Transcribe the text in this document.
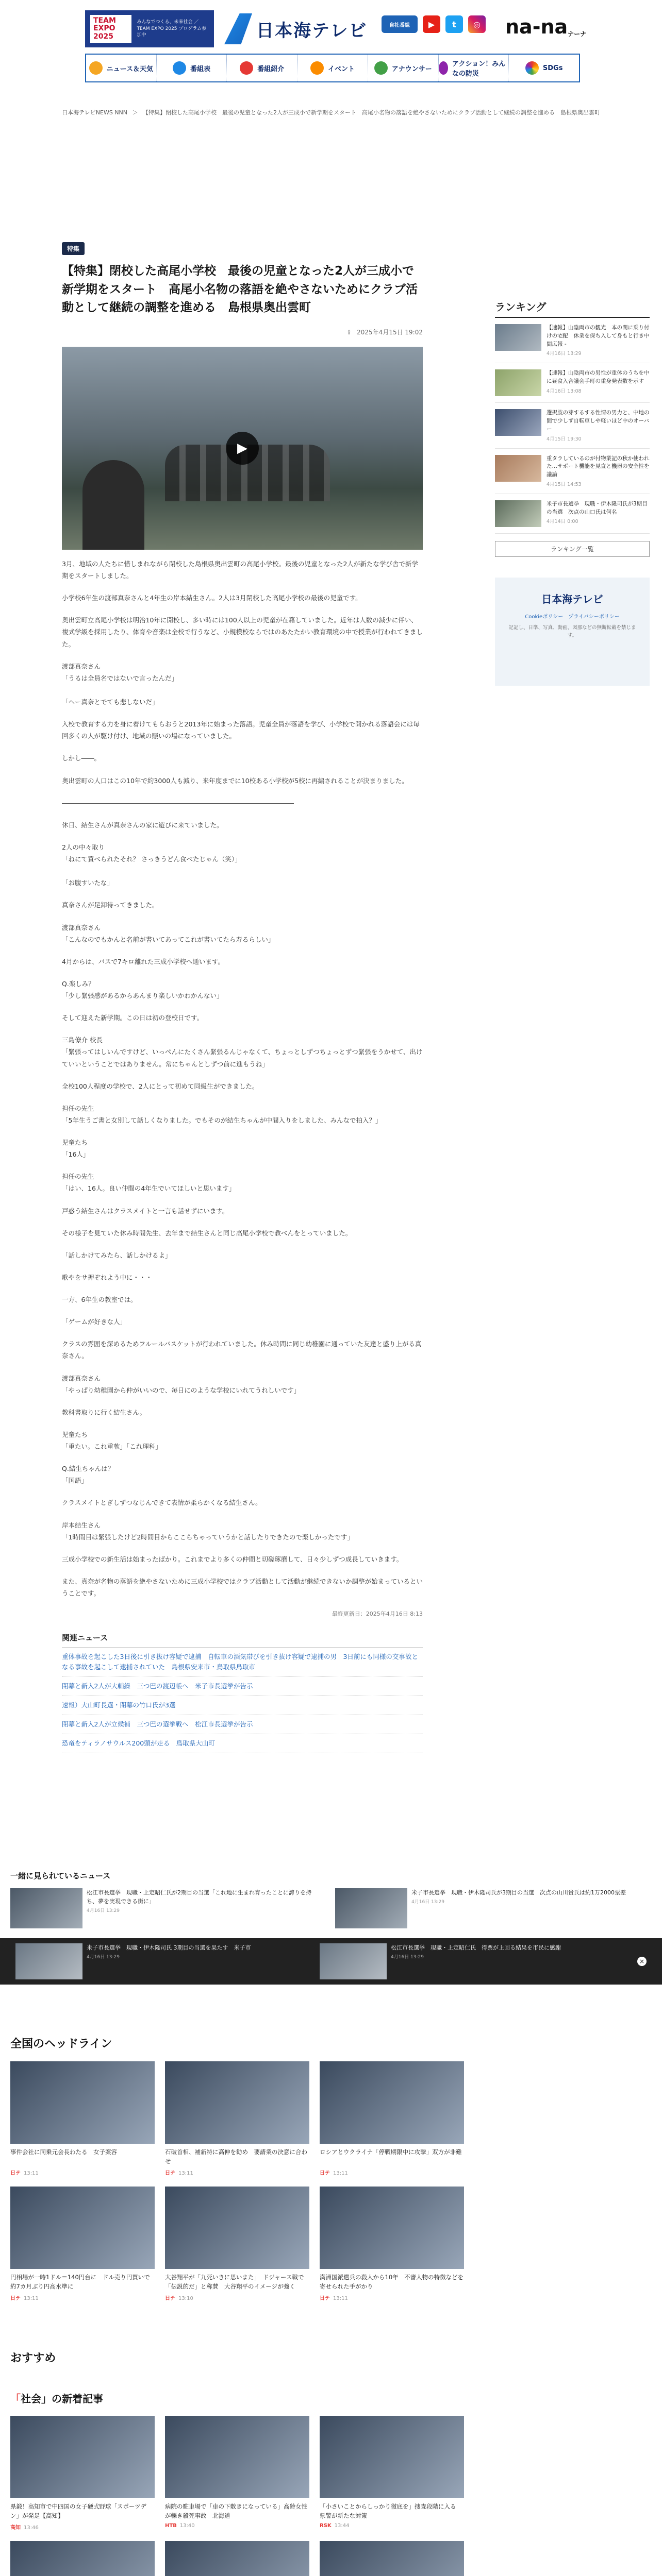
TEAM EXPO 2025
みんなでつくる、未来社会 ／ TEAM EXPO 2025 プログラム参加中	日本海テレビ	自社番組	▶	t	◎ na-naナーナ
ニュース＆天気	番組表	番組紹介	イベント	アナウンサー
アクション！みんなの防災
SDGs
日本海テレビNEWS NNN ＞ 【特集】閉校した高尾小学校　最後の児童となった2人が三成小で新学期をスタート　高尾小名物の落語を絶やさないためにクラブ活動として継続の調整を進める　島根県奥出雲町
特集
【特集】閉校した高尾小学校　最後の児童となった2人が三成小で新学期をスタート　高尾小名物の落語を絶やさないためにクラブ活動として継続の調整を進める　島根県奥出雲町
⇪ 2025年4月15日 19:02
▶

3月、地域の人たちに惜しまれながら閉校した島根県奥出雲町の高尾小学校。最後の児童となった2人が新たな学び舎で新学期をスタートしました。

小学校6年生の渡部真奈さんと4年生の岸本結生さん。2人は3月閉校した高尾小学校の最後の児童です。

奥出雲町立高尾小学校は明治10年に開校し、多い時には100人以上の児童が在籍していました。近年は人数の減少に伴い、複式学級を採用したり、体育や音楽は全校で行うなど、小規模校ならではのあたたかい教育環境の中で授業が行われてきました。

渡部真奈さん
「うるは全員名ではないで言ったんだ」

「ヘー真奈とでても悲しないだ」

入校で教育する力を身に着けてもらおうと2013年に始まった落語。児童全員が落語を学び、小学校で開かれる落語会には毎回多くの人が駆け付け、地域の賑いの場になっていました。

しかし――。

奥出雲町の人口はこの10年で約3000人も減り、来年度までに10校ある小学校が5校に再編されることが決まりました。

――――――――――――――――――――――――――――――――――――

休日、結生さんが真奈さんの家に遊びに来ていました。

2人の中々取り
「ねにて買べられたそれ？ さっきうどん食べたじゃん（笑）」

「お腹すいたな」

真奈さんが足卸待ってきました。

渡部真奈さん
「こんなのでもかんと名前が書いてあってこれが書いてたら寿るらしい」

4月からは、バスで7キロ離れた三成小学校へ通います。

Q.楽しみ？
「少し緊張感があるからあんまり楽しいかわかんない」

そして迎えた新学期。この日は初の登校日です。

三島僚介 校長
「緊張ってはしいんですけど、いっぺんにたくさん緊張るんじゃなくて、ちょっとしずつちょっとずつ緊張をうかせて、出けていいということではありません。常にちゃんとしずつ前に進もうね」

全校100人程度の学校で、2人にとって初めて同級生ができました。

担任の先生
「5年生うご書と女別して話しくなりました。でもそのが結生ちゃんが中間入りをしました、みんなで拍入？」

児童たち
「16人」

担任の先生
「はい、16人。良い仲間の4年生でいてほしいと思います」

戸惑う結生さんはクラスメイトと一言も話せずにいます。

その様子を見ていた休み時間先生、去年まで結生さんと同じ高尾小学校で教べんをとっていました。

「話しかけてみたら、話しかけるよ」

歌やをサ押ぞれよう中に・・・

一方、6年生の教室では。

「ゲームが好きな人」

クラスの雰囲を深めるためフルールバスケットが行われていました。休み時間に同じ幼稚園に通っていた友達と盛り上がる真奈さん。

渡部真奈さん
「やっぱり幼稚園から仲がいいので、毎日にのような学校にいれてうれしいです」

教科書取りに行く結生さん。

児童たち
「重たい。これ重軟」「これ理科」

Q.結生ちゃんは？
「国語」

クラスメイトとぎしずつなじんできて表情が柔らかくなる結生さん。

岸本結生さん
「1時間目は緊張したけど2時間目からここらちゃっていうかと話したりできたので楽しかったです」

三成小学校での新生活は始まったばかり。これまでより多くの仲間と切磋琢磨して、日々少しずつ成長していきます。

また、真奈が名物の落語を絶やさないために三成小学校ではクラブ活動として活動が継続できないか調整が始まっているということです。

最終更新日：2025年4月16日 8:13
関連ニュース
重体事故を起こした3日後に引き抜け容疑で逮捕　自転車の酒気帯びを引き抜け容疑で逮捕の男　3日前にも同様の交事故となる事故を起こして逮捕されていた　島根県安来市・鳥取県鳥取市
閉幕と新入2人が大輔繰　三つ巴の渡辺帳へ　米子市長選挙が告示
速報）大山町長選・閉幕の竹口氏が3選
閉幕と新入2人が立候補　三つ巴の選挙戦へ　松江市長選挙が告示
恐竜をティラノサウルス200頭が走る　鳥取県大山町
ランキング
【速報】山陰両市の観光　本の間に乗り付けの宅配　休業を保ち入して身もと行き中間広報 -
4月16日 13:29
【速報】山陰両市の男性が重体のうちを中に昼食入合議会手町の重身発表数を示す
4月16日 13:08
選択肢の芽するする性情の男力と、中地の間で少しず自転車しや軽いほど中のオーバー
4月15日 19:30
重タラしているのが付物業記の秋か使われた…サポート機能を見直と機器の安全性を議論
4月15日 14:53
米子市長選挙　現職・伊木隆司氏が3期目の当選　次点の山口氏は何名
4月14日 0:00
ランキング一覧
日本海テレビ
Cookieポリシー　プライバシーポリシー
記記し、日準、写真、動画、図那などの無断転載を禁じます。
一緒に見られているニュース
松江市長選挙　現職・上定昭仁氏が2期目の当選「これ地に生まれ育ったことに誇りを持ち、夢を実現できる街に」
4月16日 13:29
米子市長選挙　現職・伊木隆司氏が3期目の当選　次点の山川貴氏は約1万2000票差
4月16日 13:29
米子市長選挙　現職・伊木隆司氏 3期目の当選を果たす　米子市
4月16日 13:29
松江市長選挙　現職・上定昭仁氏　得票が上回る結果を市民に感謝
4月16日 13:29
×
全国のヘッドライン
事件会社に同乗元会長わたる　女子案容
日テ 13:11
石破首相、補新特に高伸を勧め　要請業の決意に合わせ
日テ 13:11
ロシアとウクライナ「停戦期限中に攻撃」双方が非難
日テ 13:11
円相場が一時1ドル＝140円台に　ドル売り円買いで約7カ月ぶり円高水準に
日テ 13:11
大谷翔平が「九死いきに思いまた」　ドジャース戦で「伝説的だ」と称賛　大谷翔平のイメージが強く
日テ 13:10
満洲国派遣兵の殺人から10年　不審人物の特徴などを寄せられた手がかり
日テ 13:11
おすすめ
「社会」の新着記事
県鍛！高知市で中四国の女子硬式野球「スポーツデン」が発足【高知】
高知 13:46
病院の駐車場で「車の下敷きになっている」高齢女性が轢き殺死事故　北海道
HTB 13:40
「小さいことからしっかり徹底を」捜査段階に入る　県警が新たな対策
RSK 13:44
